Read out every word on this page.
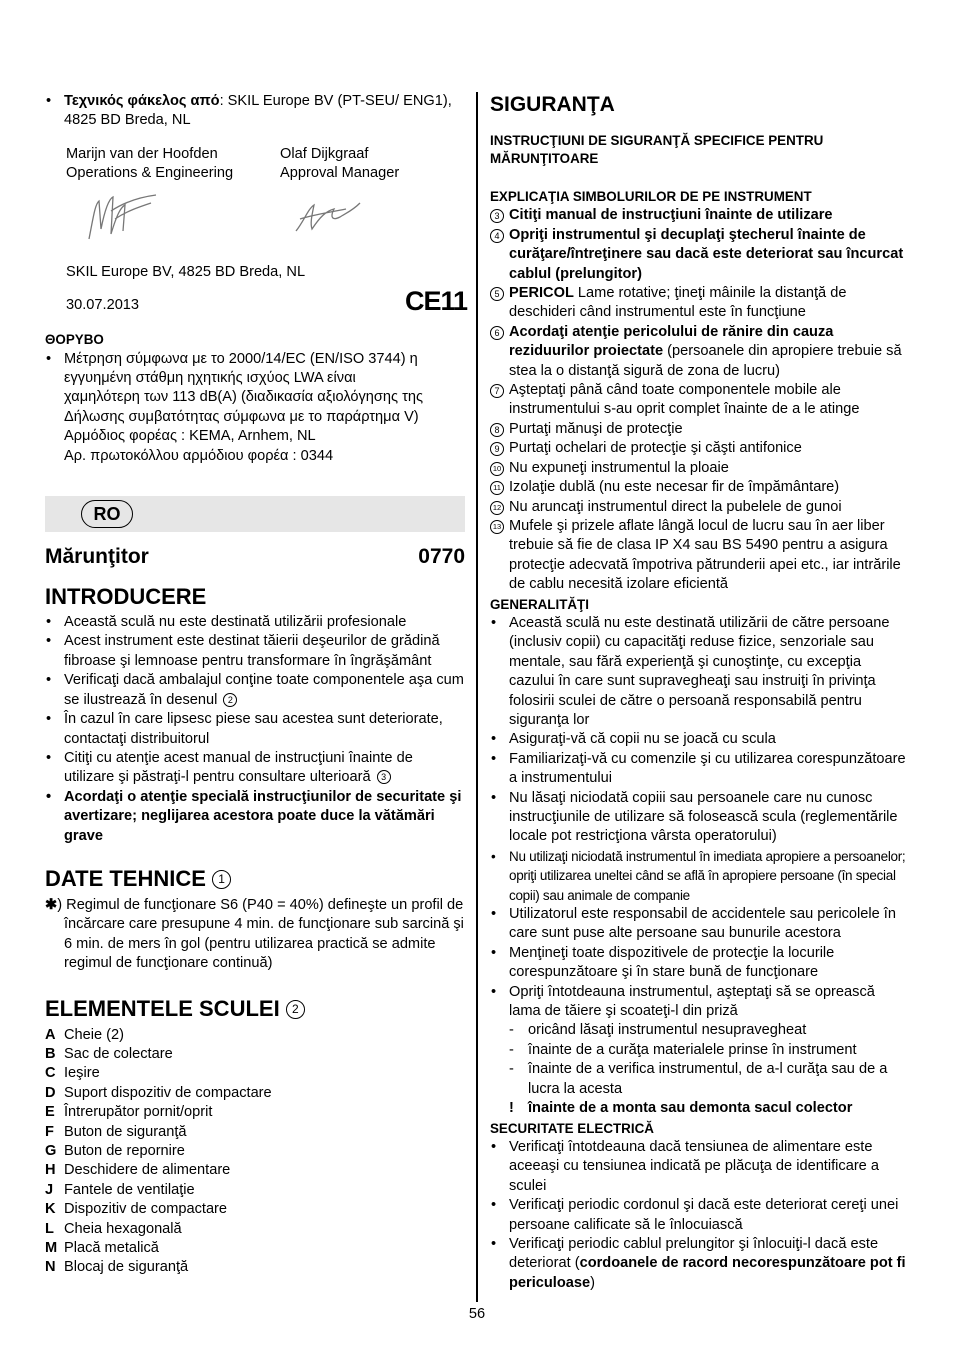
• Τεχνικός φάκελος από: SKIL Europe BV (PT-SEU/ ENG1), 4825 BD Breda, NL
Marijn van der Hoofden
Operations & Engineering
Olaf Dijkgraaf
Approval Manager
SKIL Europe BV, 4825 BD Breda, NL
30.07.2013	CE11
ΘΟΡΥΒΟ
• Μέτρηση σύμφωνα με το 2000/14/EC (EN/ISO 3744) η
εγγυημένη στάθμη ηχητικής ισχύος LWA είναι
χαμηλότερη των 113 dB(A) (διαδικασία αξιολόγησης της
Δήλωσης συμβατότητας σύμφωνα με το παράρτημα V)
Αρμόδιος φορέας : KEMA, Arnhem, NL
Αρ. πρωτοκόλλου αρμόδιου φορέα : 0344
RO
Mărunţitor	0770
INTRODUCERE
• Această sculă nu este destinată utilizării profesionale
• Acest instrument este destinat tăierii deşeurilor de grădină fibroase şi lemnoase pentru transformare în îngrăşământ
• Verificaţi dacă ambalajul conţine toate componentele aşa cum se ilustrează în desenul 2
• În cazul în care lipsesc piese sau acestea sunt deteriorate, contactaţi distribuitorul
• Citiţi cu atenţie acest manual de instrucţiuni înainte de utilizare şi păstraţi-l pentru consultare ulterioară 3
• Acordaţi o atenţie specială instrucţiunilor de securitate şi avertizare; neglijarea acestora poate duce la vătămări grave
DATE TEHNICE 1
✱) Regimul de funcţionare S6 (P40 = 40%) defineşte un profil de încărcare care presupune 4 min. de funcţionare sub sarcină şi 6 min. de mers în gol (pentru utilizarea practică se admite regimul de funcţionare continuă)
ELEMENTELE SCULEI 2
A Cheie (2)
B Sac de colectare
C Ieşire
D Suport dispozitiv de compactare
E Întrerupător pornit/oprit
F Buton de siguranţă
G Buton de repornire
H Deschidere de alimentare
J Fantele de ventilaţie
K Dispozitiv de compactare
L Cheia hexagonală
M Placă metalică
N Blocaj de siguranţă
SIGURANŢA
INSTRUCŢIUNI DE SIGURANŢĂ SPECIFICE PENTRU MĂRUNŢITOARE
EXPLICAŢIA SIMBOLURILOR DE PE INSTRUMENT
3 Citiţi manual de instrucţiuni înainte de utilizare
4 Opriţi instrumentul şi decuplaţi ştecherul înainte de curăţare/întreţinere sau dacă este deteriorat sau încurcat cablul (prelungitor)
5 PERICOL Lame rotative; ţineţi mâinile la distanţă de deschideri când instrumentul este în funcţiune
6 Acordaţi atenţie pericolului de rănire din cauza reziduurilor proiectate (persoanele din apropiere trebuie să stea la o distanţă sigură de zona de lucru)
7 Aşteptaţi până când toate componentele mobile ale instrumentului s-au oprit complet înainte de a le atinge
8 Purtaţi mănuşi de protecţie
9 Purtaţi ochelari de protecţie şi căşti antifonice
10 Nu expuneţi instrumentul la ploaie
11 Izolaţie dublă (nu este necesar fir de împământare)
12 Nu aruncaţi instrumentul direct la pubelele de gunoi
13 Mufele şi prizele aflate lângă locul de lucru sau în aer liber trebuie să fie de clasa IP X4 sau BS 5490 pentru a asigura protecţie adecvată împotriva pătrunderii apei etc., iar intrările de cablu necesită izolare eficientă
GENERALITĂŢI
• Această sculă nu este destinată utilizării de către persoane (inclusiv copii) cu capacităţi reduse fizice, senzoriale sau mentale, sau fără experienţă şi cunoştinţe, cu excepţia cazului în care sunt supravegheaţi sau instruiţi în privinţa folosirii sculei de către o persoană responsabilă pentru siguranţa lor
• Asiguraţi-vă că copii nu se joacă cu scula
• Familiarizaţi-vă cu comenzile şi cu utilizarea corespunzătoare a instrumentului
• Nu lăsaţi niciodată copiii sau persoanele care nu cunosc instrucţiunile de utilizare să folosească scula (reglementările locale pot restricţiona vârsta operatorului)
• Nu utilizaţi niciodată instrumentul în imediata apropiere a persoanelor; opriţi utilizarea uneltei când se află în apropiere persoane (în special copii) sau animale de companie
• Utilizatorul este responsabil de accidentele sau pericolele în care sunt puse alte persoane sau bunurile acestora
• Menţineţi toate dispozitivele de protecţie la locurile corespunzătoare şi în stare bună de funcţionare
• Opriţi întotdeauna instrumentul, aşteptaţi să se oprească lama de tăiere şi scoateţi-l din priză
- oricând lăsaţi instrumentul nesupravegheat
- înainte de a curăţa materialele prinse în instrument
- înainte de a verifica instrumentul, de a-l curăţa sau de a lucra la acesta
! înainte de a monta sau demonta sacul colector
SECURITATE ELECTRICĂ
• Verificaţi întotdeauna dacă tensiunea de alimentare este aceeaşi cu tensiunea indicată pe plăcuţa de identificare a sculei
• Verificaţi periodic cordonul şi dacă este deteriorat cereţi unei persoane calificate să le înlocuiască
• Verificaţi periodic cablul prelungitor şi înlocuiţi-l dacă este deteriorat (cordoanele de racord necorespunzătoare pot fi periculoase)
56
